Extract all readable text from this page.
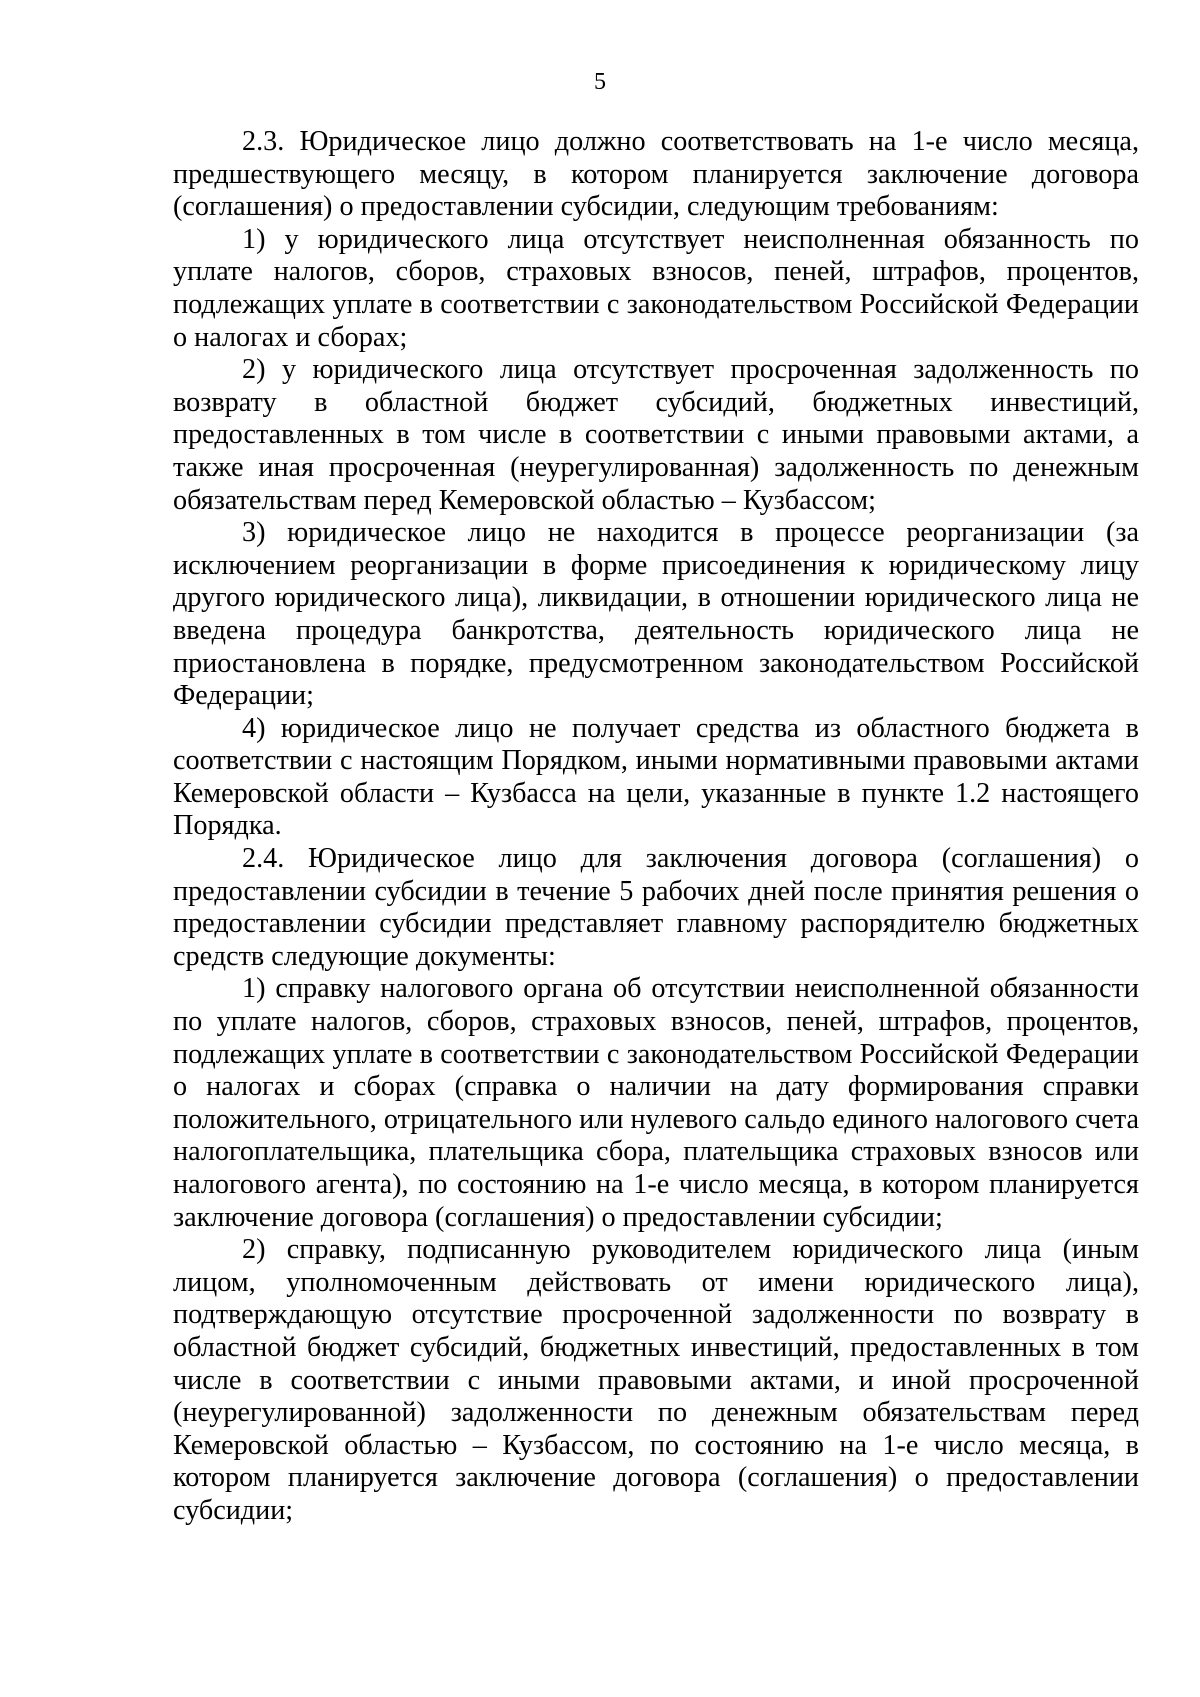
5

2.3. Юридическое лицо должно соответствовать на 1-е число месяца, предшествующего месяцу, в котором планируется заключение договора (соглашения) о предоставлении субсидии, следующим требованиям:

1) у юридического лица отсутствует неисполненная обязанность по уплате налогов, сборов, страховых взносов, пеней, штрафов, процентов, подлежащих уплате в соответствии с законодательством Российской Федерации о налогах и сборах;

2) у юридического лица отсутствует просроченная задолженность по возврату в областной бюджет субсидий, бюджетных инвестиций, предоставленных в том числе в соответствии с иными правовыми актами, а также иная просроченная (неурегулированная) задолженность по денежным обязательствам перед Кемеровской областью – Кузбассом;

3) юридическое лицо не находится в процессе реорганизации (за исключением реорганизации в форме присоединения к юридическому лицу другого юридического лица), ликвидации, в отношении юридического лица не введена процедура банкротства, деятельность юридического лица не приостановлена в порядке, предусмотренном законодательством Российской Федерации;

4) юридическое лицо не получает средства из областного бюджета в соответствии с настоящим Порядком, иными нормативными правовыми актами Кемеровской области – Кузбасса на цели, указанные в пункте 1.2 настоящего Порядка.

2.4. Юридическое лицо для заключения договора (соглашения) о предоставлении субсидии в течение 5 рабочих дней после принятия решения о предоставлении субсидии представляет главному распорядителю бюджетных средств следующие документы:

1) справку налогового органа об отсутствии неисполненной обязанности по уплате налогов, сборов, страховых взносов, пеней, штрафов, процентов, подлежащих уплате в соответствии с законодательством Российской Федерации о налогах и сборах (справка о наличии на дату формирования справки положительного, отрицательного или нулевого сальдо единого налогового счета налогоплательщика, плательщика сбора, плательщика страховых взносов или налогового агента), по состоянию на 1-е число месяца, в котором планируется заключение договора (соглашения) о предоставлении субсидии;

2) справку, подписанную руководителем юридического лица (иным лицом, уполномоченным действовать от имени юридического лица), подтверждающую отсутствие просроченной задолженности по возврату в областной бюджет субсидий, бюджетных инвестиций, предоставленных в том числе в соответствии с иными правовыми актами, и иной просроченной (неурегулированной) задолженности по денежным обязательствам перед Кемеровской областью – Кузбассом, по состоянию на 1-е число месяца, в котором планируется заключение договора (соглашения) о предоставлении субсидии;
